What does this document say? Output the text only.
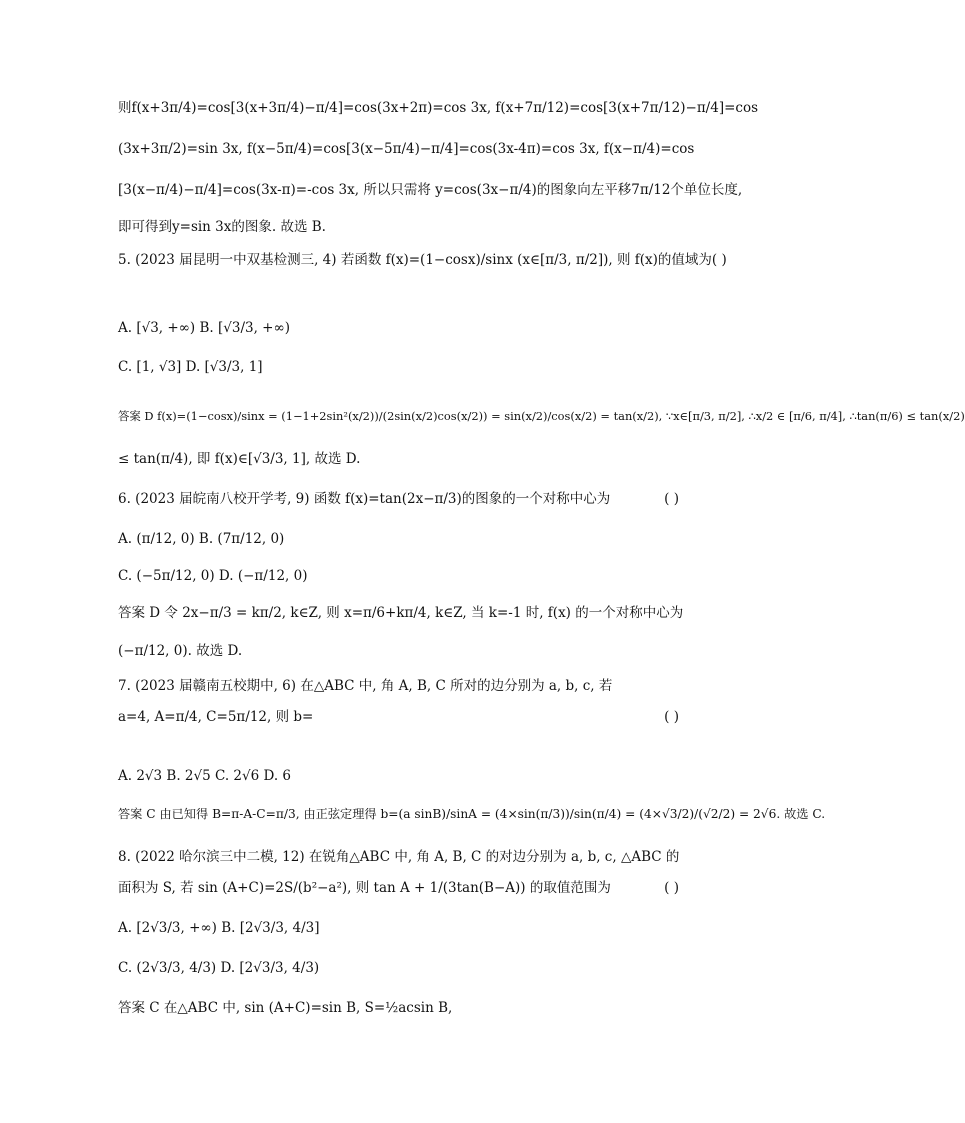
则f(x+3π/4)=cos[3(x+3π/4)−π/4]=cos(3x+2π)=cos 3x, f(x+7π/12)=cos[3(x+7π/12)−π/4]=cos
(3x+3π/2)=sin 3x, f(x−5π/4)=cos[3(x−5π/4)−π/4]=cos(3x-4π)=cos 3x, f(x−π/4)=cos
[3(x−π/4)−π/4]=cos(3x-π)=-cos 3x, 所以只需将 y=cos(3x−π/4)的图象向左平移7π/12个单位长度,
即可得到y=sin 3x的图象. 故选 B.
5. (2023 届昆明一中双基检测三, 4) 若函数 f(x)=(1−cosx)/sinx (x∈[π/3, π/2]), 则 f(x)的值域为( )
A. [√3, +∞) B. [√3/3, +∞)
C. [1, √3] D. [√3/3, 1]
答案 D f(x)=(1−cosx)/sinx = (1−1+2sin²(x/2))/(2sin(x/2)cos(x/2)) = sin(x/2)/cos(x/2) = tan(x/2), ∵x∈[π/3, π/2], ∴x/2 ∈ [π/6, π/4], ∴tan(π/6) ≤ tan(x/2)
≤ tan(π/4), 即 f(x)∈[√3/3, 1], 故选 D.
6. (2023 届皖南八校开学考, 9) 函数 f(x)=tan(2x−π/3)的图象的一个对称中心为	( )
A. (π/12, 0) B. (7π/12, 0)
C. (−5π/12, 0) D. (−π/12, 0)
答案 D 令 2x−π/3 = kπ/2, k∈Z, 则 x=π/6+kπ/4, k∈Z, 当 k=-1 时, f(x) 的一个对称中心为
(−π/12, 0). 故选 D.
7. (2023 届赣南五校期中, 6) 在△ABC 中, 角 A, B, C 所对的边分别为 a, b, c, 若
a=4, A=π/4, C=5π/12, 则 b=	( )
A. 2√3 B. 2√5 C. 2√6 D. 6
答案 C 由已知得 B=π-A-C=π/3, 由正弦定理得 b=(a sinB)/sinA = (4×sin(π/3))/sin(π/4) = (4×√3/2)/(√2/2) = 2√6. 故选 C.
8. (2022 哈尔滨三中二模, 12) 在锐角△ABC 中, 角 A, B, C 的对边分别为 a, b, c, △ABC 的
面积为 S, 若 sin (A+C)=2S/(b²−a²), 则 tan A + 1/(3tan(B−A)) 的取值范围为	( )
A. [2√3/3, +∞) B. [2√3/3, 4/3]
C. (2√3/3, 4/3) D. [2√3/3, 4/3)
答案 C 在△ABC 中, sin (A+C)=sin B, S=½acsin B,
